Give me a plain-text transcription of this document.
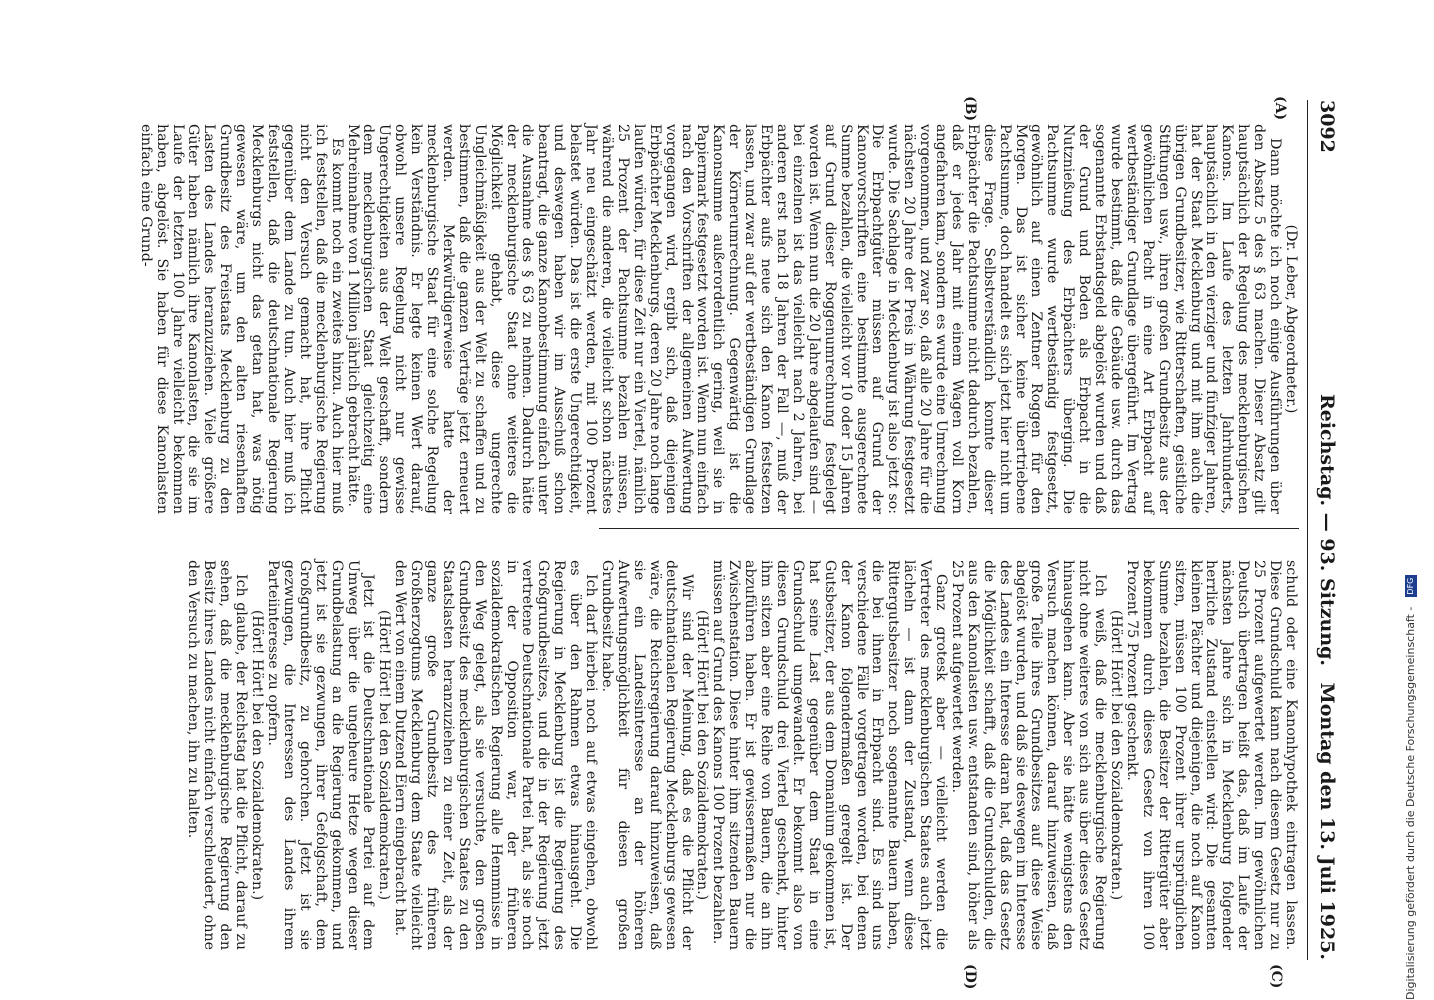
3092
Reichstag. — 93. Sitzung.
Montag den 13. Juli 1925.
(A)
(B)
(C)
(D)

(Dr. Leber, Abgeordneter.)

Dann möchte ich noch einige Ausführungen über den Absatz 5 des § 63 machen. Dieser Absatz gilt hauptsächlich der Regelung des mecklenburgischen Kanons. Im Laufe des letzten Jahrhunderts, hauptsächlich in den vierziger und fünfziger Jahren, hat der Staat Mecklenburg und mit ihm auch die übrigen Grundbesitzer, wie Ritterschaften, geistliche Stiftungen usw., ihren großen Grundbesitz aus der gewöhnlichen Pacht in eine Art Erbpacht auf wertbeständiger Grundlage übergeführt. Im Vertrag wurde bestimmt, daß die Gebäude usw. durch das sogenannte Erbstandsgeld abgelöst wurden und daß der Grund und Boden als Erbpacht in die Nutznießung des Erbpächters überging. Die Pachtsumme wurde wertbeständig festgesetzt, gewöhnlich auf einen Zentner Roggen für den Morgen. Das ist sicher keine übertriebene Pachtsumme, doch handelt es sich jetzt hier nicht um diese Frage. Selbstverständlich konnte dieser Erbpächter die Pachtsumme nicht dadurch bezahlen, daß er jedes Jahr mit einem Wagen voll Korn angefahren kam, sondern es wurde eine Umrechnung vorgenommen, und zwar so, daß alle 20 Jahre für die nächsten 20 Jahre der Preis in Währung festgesetzt wurde. Die Sachlage in Mecklenburg ist also jetzt so: Die Erbpachtgüter müssen auf Grund der Kanonvorschriften eine bestimmte ausgerechnete Summe bezahlen, die vielleicht vor 10 oder 15 Jahren auf Grund dieser Roggenumrechnung festgelegt worden ist. Wenn nun die 20 Jahre abgelaufen sind — bei einzelnen ist das vielleicht nach 2 Jahren, bei anderen erst nach 18 Jahren der Fall —, muß der Erbpächter aufs neue sich den Kanon festsetzen lassen, und zwar auf der wertbeständigen Grundlage der Körnerumrechnung. Gegenwärtig ist die Kanonsumme außerordentlich gering, weil sie in Papiermark festgesetzt worden ist. Wenn nun einfach nach den Vorschriften der allgemeinen Aufwertung vorgegangen wird, ergibt sich, daß diejenigen Erbpächter Mecklenburgs, deren 20 Jahre noch lange laufen würden, für diese Zeit nur ein Viertel, nämlich 25 Prozent der Pachtsumme bezahlen müssen, während die anderen, die vielleicht schon nächstes Jahr neu eingeschätzt werden, mit 100 Prozent belastet würden. Das ist die erste Ungerechtigkeit, und deswegen haben wir im Ausschuß schon beantragt, die ganze Kanonbestimmung einfach unter die Ausnahme des § 63 zu nehmen. Dadurch hätte der mecklenburgische Staat ohne weiteres die Möglichkeit gehabt, diese ungerechte Ungleichmäßigkeit aus der Welt zu schaffen und zu bestimmen, daß die ganzen Verträge jetzt erneuert werden. Merkwürdigerweise hatte der mecklenburgische Staat für eine solche Regelung kein Verständnis. Er legte keinen Wert darauf, obwohl unsere Regelung nicht nur gewisse Ungerechtigkeiten aus der Welt geschafft, sondern dem mecklenburgischen Staat gleichzeitig eine Mehreinnahme von 1 Million jährlich gebracht hätte.

Es kommt noch ein zweites hinzu. Auch hier muß ich feststellen, daß die mecklenburgische Regierung nicht den Versuch gemacht hat, ihre Pflicht gegenüber dem Lande zu tun. Auch hier muß ich feststellen, daß die deutschnationale Regierung Mecklenburgs nicht das getan hat, was nötig gewesen wäre, um den alten riesenhaften Grundbesitz des Freistaats Mecklenburg zu den Lasten des Landes heranzuziehen. Viele größere Güter haben nämlich ihre Kanonlasten, die sie im Laufe der letzten 100 Jahre vielleicht bekommen haben, abgelöst. Sie haben für diese Kanonlasten einfach eine Grund-

schuld oder eine Kanonhypothek eintragen lassen. Diese Grundschuld kann nach diesem Gesetz nur zu 25 Prozent aufgewertet werden. Im gewöhnlichen Deutsch übertragen heißt das, daß im Laufe der nächsten Jahre sich in Mecklenburg folgender herrliche Zustand einstellen wird: Die gesamten kleinen Pächter und diejenigen, die noch auf Kanon sitzen, müssen 100 Prozent ihrer ursprünglichen Summe bezahlen, die Besitzer der Rittergüter aber bekommen durch dieses Gesetz von ihren 100 Prozent 75 Prozent geschenkt.

(Hört! Hört! bei den Sozialdemokraten.)

Ich weiß, daß die mecklenburgische Regierung nicht ohne weiteres von sich aus über dieses Gesetz hinausgehen kann. Aber sie hätte wenigstens den Versuch machen können, darauf hinzuweisen, daß große Teile ihres Grundbesitzes auf diese Weise abgelöst wurden, und daß sie deswegen im Interesse des Landes ein Interesse daran hat, daß das Gesetz die Möglichkeit schafft, daß die Grundschulden, die aus den Kanonlasten usw. entstanden sind, höher als 25 Prozent aufgewertet werden.

Ganz grotesk aber — vielleicht werden die Vertreter des mecklenburgischen Staates auch jetzt lächeln — ist dann der Zustand, wenn diese Rittergutsbesitzer noch sogenannte Bauern haben, die bei ihnen in Erbpacht sind. Es sind uns verschiedene Fälle vorgetragen worden, bei denen der Kanon folgendermaßen geregelt ist. Der Gutsbesitzer, der aus dem Domanium gekommen ist, hat seine Last gegenüber dem Staat in eine Grundschuld umgewandelt. Er bekommt also von diesen Grundschuld drei Viertel geschenkt, hinter ihm sitzen aber eine Reihe von Bauern, die an ihn abzuführen haben. Er ist gewissermaßen nur die Zwischenstation. Diese hinter ihm sitzenden Bauern müssen auf Grund des Kanons 100 Prozent bezahlen.

(Hört! Hört! bei den Sozialdemokraten.)

Wir sind der Meinung, daß es die Pflicht der deutschnationalen Regierung Mecklenburgs gewesen wäre, die Reichsregierung darauf hinzuweisen, daß sie ein Landesinteresse an der höheren Aufwertungsmöglichkeit für diesen großen Grundbesitz habe.

Ich darf hierbei noch auf etwas eingehen, obwohl es über den Rahmen etwas hinausgeht. Die Regierung in Mecklenburg ist die Regierung des Großgrundbesitzes, und die in der Regierung jetzt vertretene Deutschnationale Partei hat, als sie noch in der Opposition war, der früheren sozialdemokratischen Regierung alle Hemmnisse in den Weg gelegt, als sie versuchte, den großen Grundbesitz des mecklenburgischen Staates zu den Staatslasten heranzuziehen zu einer Zeit, als der ganze große Grundbesitz des früheren Großherzogtums Mecklenburg dem Staate vielleicht den Wert von einem Dutzend Eiern eingebracht hat.

(Hört! Hört! bei den Sozialdemokraten.)

Jetzt ist die Deutschnationale Partei auf dem Umweg über die ungeheure Hetze wegen dieser Grundbelastung an die Regierung gekommen, und jetzt ist sie gezwungen, ihrer Gefolgschaft, dem Großgrundbesitz, zu gehorchen. Jetzt ist sie gezwungen, die Interessen des Landes ihrem Parteiinteresse zu opfern.

(Hört! Hört! bei den Sozialdemokraten.)

Ich glaube, der Reichstag hat die Pflicht, darauf zu sehen, daß die mecklenburgische Regierung den Besitz ihres Landes nicht einfach verschleudert, ohne den Versuch zu machen, ihn zu halten.	Digitalisierung gefördert durch die Deutsche Forschungsgemeinschaft - DFG
